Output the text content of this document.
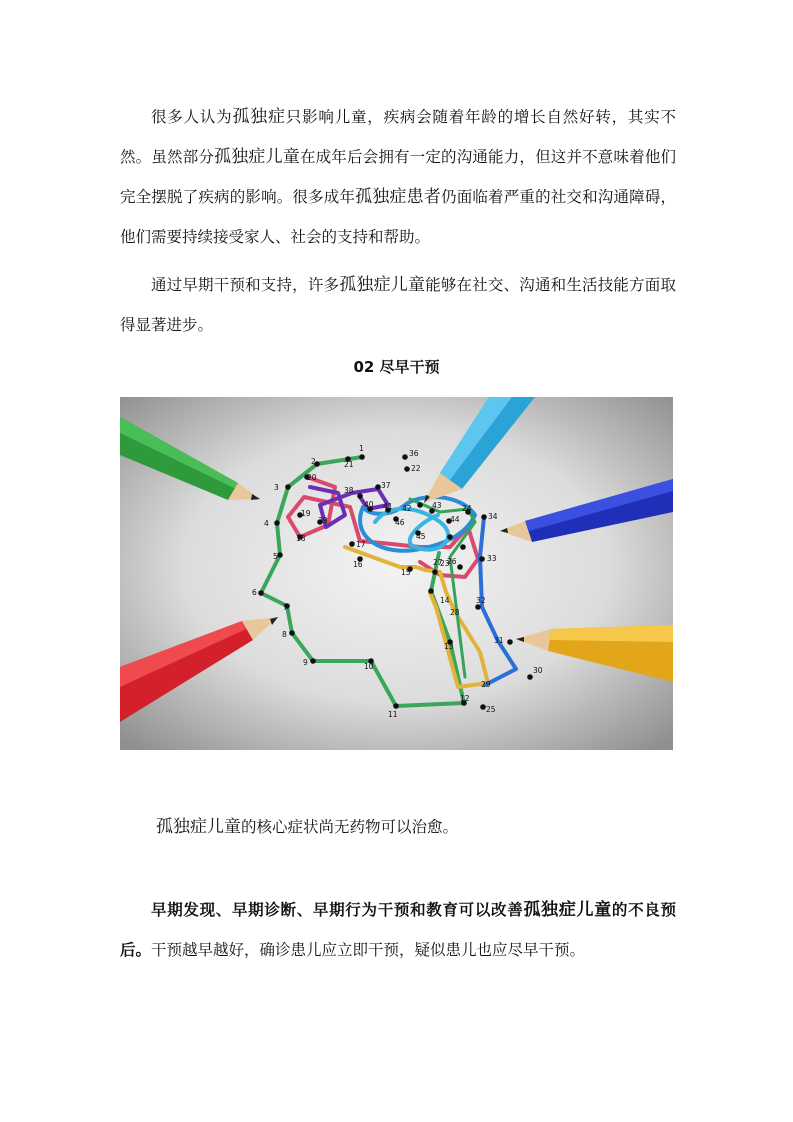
很多人认为孤独症只影响儿童，疾病会随着年龄的增长自然好转，其实不然。虽然部分孤独症儿童在成年后会拥有一定的沟通能力，但这并不意味着他们完全摆脱了疾病的影响。很多成年孤独症患者仍面临着严重的社交和沟通障碍，他们需要持续接受家人、社会的支持和帮助。

通过早期干预和支持，许多孤独症儿童能够在社交、沟通和生活技能方面取得显著进步。

02 尽早干预

1
2
3
4
5
6
7
8
9	10
11
12
13
14
15
16
17
18
19
20
21	22
23
24
25
26
27
28
29
30
31
32
33
34
36
37
38
39
40 41 42	43
44
45
46

孤独症儿童的核心症状尚无药物可以治愈。

早期发现、早期诊断、早期行为干预和教育可以改善孤独症儿童的不良预后。干预越早越好，确诊患儿应立即干预，疑似患儿也应尽早干预。
